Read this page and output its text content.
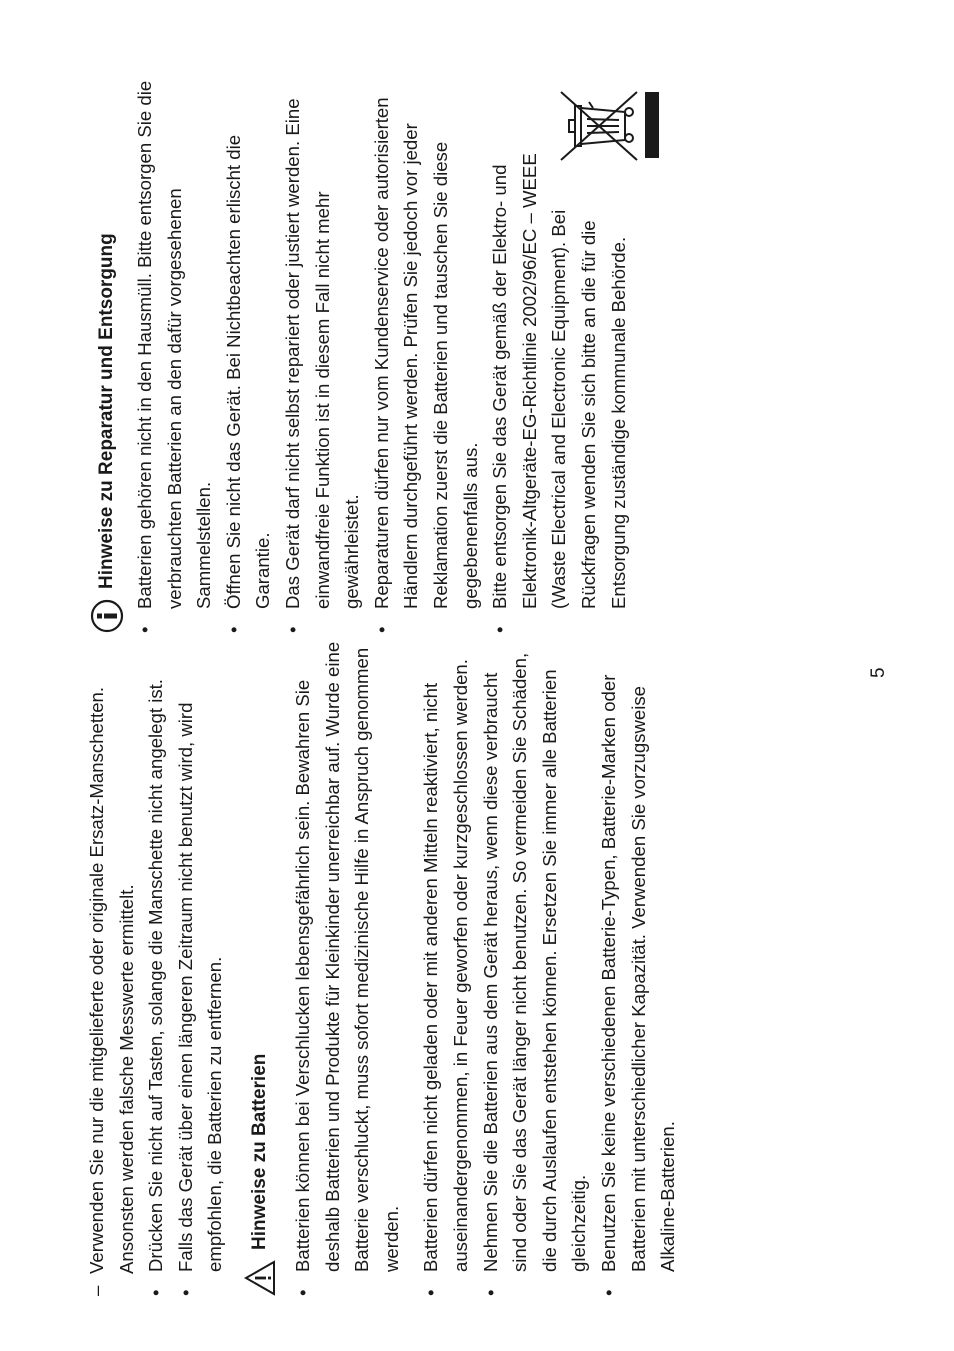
–
Verwenden Sie nur die mitgelieferte oder originale Ersatz-Manschetten. Ansonsten werden falsche Messwerte ermittelt.
•
Drücken Sie nicht auf Tasten, solange die Manschette nicht angelegt ist.
•
Falls das Gerät über einen längeren Zeitraum nicht benutzt wird, wird empfohlen, die Batterien zu entfernen. Hinweise zu Batterien
•
Batterien können bei Verschlucken lebensgefährlich sein. Bewahren Sie deshalb Batterien und Produkte für Kleinkinder unerreichbar auf. Wurde eine Batterie verschluckt, muss sofort medizinische Hilfe in Anspruch genommen werden.
•
Batterien dürfen nicht geladen oder mit anderen Mitteln reaktiviert, nicht auseinandergenommen, in Feuer geworfen oder kurzgeschlossen werden.
•
Nehmen Sie die Batterien aus dem Gerät heraus, wenn diese verbraucht sind oder Sie das Gerät länger nicht benutzen. So vermeiden Sie Schäden, die durch Auslaufen entstehen können. Ersetzen Sie immer alle Batterien gleichzeitig.
•
Benutzen Sie keine verschiedenen Batterie-Typen, Batterie-Marken oder Batterien mit unterschiedlicher Kapazität. Verwenden Sie vorzugsweise Alkaline-Batterien.
Hinweise zu Reparatur und Entsorgung
•
Batterien gehören nicht in den Hausmüll. Bitte entsorgen Sie die verbrauchten Batterien an den dafür vorgesehenen Sammelstellen.
•
Öffnen Sie nicht das Gerät. Bei Nichtbeachten erlischt die Garantie.
•
Das Gerät darf nicht selbst repariert oder justiert werden. Eine einwandfreie Funktion ist in diesem Fall nicht mehr gewährleistet.
•
Reparaturen dürfen nur vom Kundenservice oder autorisierten Händlern durchgeführt werden. Prüfen Sie jedoch vor jeder Reklamation zuerst die Batterien und tauschen Sie diese gegebenenfalls aus.
•
Bitte entsorgen Sie das Gerät gemäß der Elektro- und Elektronik-Altgeräte-EG-Richtlinie 2002/96/EC – WEEE (Waste Electrical and Electronic Equipment). Bei Rückfragen wenden Sie sich bitte an die für die Entsorgung zuständige kommunale Behörde.
5
